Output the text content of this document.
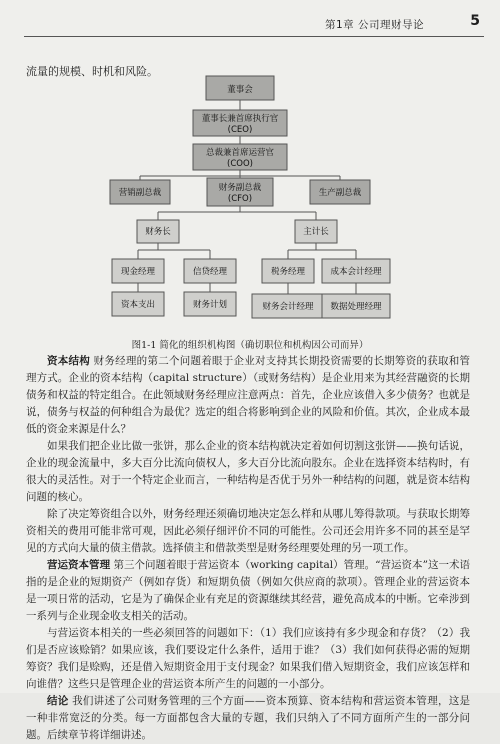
第1章 公司理财导论	5
流量的规模、时机和风险。
董事会
董事长兼首席执行官
(CEO)
总裁兼首席运营官
(COO)
营销副总裁	财务副总裁
(CFO)
生产副总裁
财务长	主计长
现金经理	信贷经理	税务经理	成本会计经理
资本支出	财务计划	财务会计经理 数据处理经理
图1-1 简化的组织机构图（确切职位和机构因公司而异）

资本结构 财务经理的第二个问题着眼于企业对支持其长期投资需要的长期筹资的获取和管理方式。企业的资本结构（capital structure）（或财务结构）是企业用来为其经营融资的长期债务和权益的特定组合。在此领域财务经理应注意两点：首先，企业应该借入多少债务？也就是说，债务与权益的何种组合为最优？选定的组合将影响到企业的风险和价值。其次，企业成本最低的资金来源是什么？

如果我们把企业比做一张饼，那么企业的资本结构就决定着如何切割这张饼——换句话说，企业的现金流量中，多大百分比流向债权人，多大百分比流向股东。企业在选择资本结构时，有很大的灵活性。对于一个特定企业而言，一种结构是否优于另外一种结构的问题，就是资本结构问题的核心。

除了决定筹资组合以外，财务经理还须确切地决定怎么样和从哪儿筹得款项。与获取长期筹资相关的费用可能非常可观，因此必须仔细评价不同的可能性。公司还会用许多不同的甚至是罕见的方式向大量的债主借款。选择债主和借款类型是财务经理要处理的另一项工作。

营运资本管理 第三个问题着眼于营运资本（working capital）管理。“营运资本”这一术语指的是企业的短期资产（例如存货）和短期负债（例如欠供应商的款项）。管理企业的营运资本是一项日常的活动，它是为了确保企业有充足的资源继续其经营，避免高成本的中断。它牵涉到一系列与企业现金收支相关的活动。

与营运资本相关的一些必须回答的问题如下：（1）我们应该持有多少现金和存货？（2）我们是否应该赊销？如果应该，我们要设定什么条件，适用于谁？（3）我们如何获得必需的短期筹资？我们是赊购，还是借入短期资金用于支付现金？如果我们借入短期资金，我们应该怎样和向谁借？这些只是管理企业的营运资本所产生的问题的一小部分。

结论 我们讲述了公司财务管理的三个方面——资本预算、资本结构和营运资本管理，这是一种非常宽泛的分类。每一方面都包含大量的专题，我们只纳入了不同方面所产生的一部分问题。后续章节将详细讲述。
